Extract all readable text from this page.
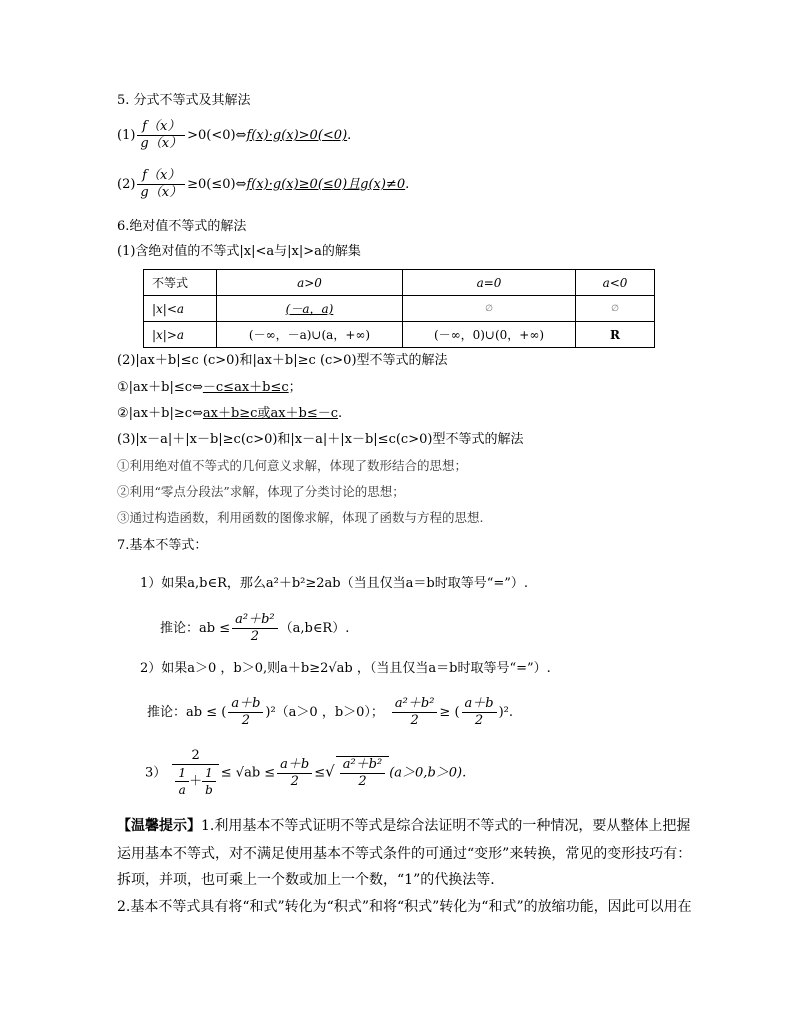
5. 分式不等式及其解法
$(1) \frac{f(x)}{g(x)}$ >0(<0)⇔f(x)·g(x)>0(<0).
$(2) \frac{f(x)}{g(x)}$ ≥0(≤0)⇔f(x)·g(x)≥0(≤0)且g(x)≠0.
6.绝对值不等式的解法
(1)含绝对值的不等式|x|<a与|x|>a的解集
不等式	a>0	a=0	a<0
|x|<a	(－a，a)	∅	∅
|x|>a	(－∞，－a)∪(a，+∞)	(－∞，0)∪(0，+∞)	R
(2)|ax＋b|≤c (c>0)和|ax＋b|≥c (c>0)型不等式的解法
①|ax＋b|≤c⇔－c≤ax＋b≤c；
②|ax＋b|≥c⇔ax＋b≥c或ax＋b≤－c.
(3)|x－a|＋|x－b|≥c(c>0)和|x－a|＋|x－b|≤c(c>0)型不等式的解法
①利用绝对值不等式的几何意义求解，体现了数形结合的思想；
②利用“零点分段法”求解，体现了分类讨论的思想；
③通过构造函数，利用函数的图像求解，体现了函数与方程的思想.
7.基本不等式：
1）如果a,b∈R，那么a²＋b²≥2ab（当且仅当a＝b时取等号“=”）.
推论：ab ≤ $\frac{\text{a²＋b²}}{2}$ （a,b∈R）.
2）如果a＞0 ，b＞0,则a＋b≥2√ab ，（当且仅当a＝b时取等号“=”）.
推论：ab ≤ ( $\frac{a+b}{2} )^2(a>0$ ，b＞0）； $\frac{\text{a²＋b²}}{2}$ ≥ ( $\frac{a+b}{2} )^2$.
$3) \frac{2}{\frac{1}{a} + \frac{1}{b}} \le √ab \le \frac{a+b}{2}$ ≤√ $\frac{\text{a²＋b²}}{2} (a>0,b>0)$.
【温馨提示】1.利用基本不等式证明不等式是综合法证明不等式的一种情况，要从整体上把握
运用基本不等式，对不满足使用基本不等式条件的可通过“变形”来转换，常见的变形技巧有：
拆项，并项，也可乘上一个数或加上一个数，“1”的代换法等.
2.基本不等式具有将“和式”转化为“积式”和将“积式”转化为“和式”的放缩功能，因此可以用在
